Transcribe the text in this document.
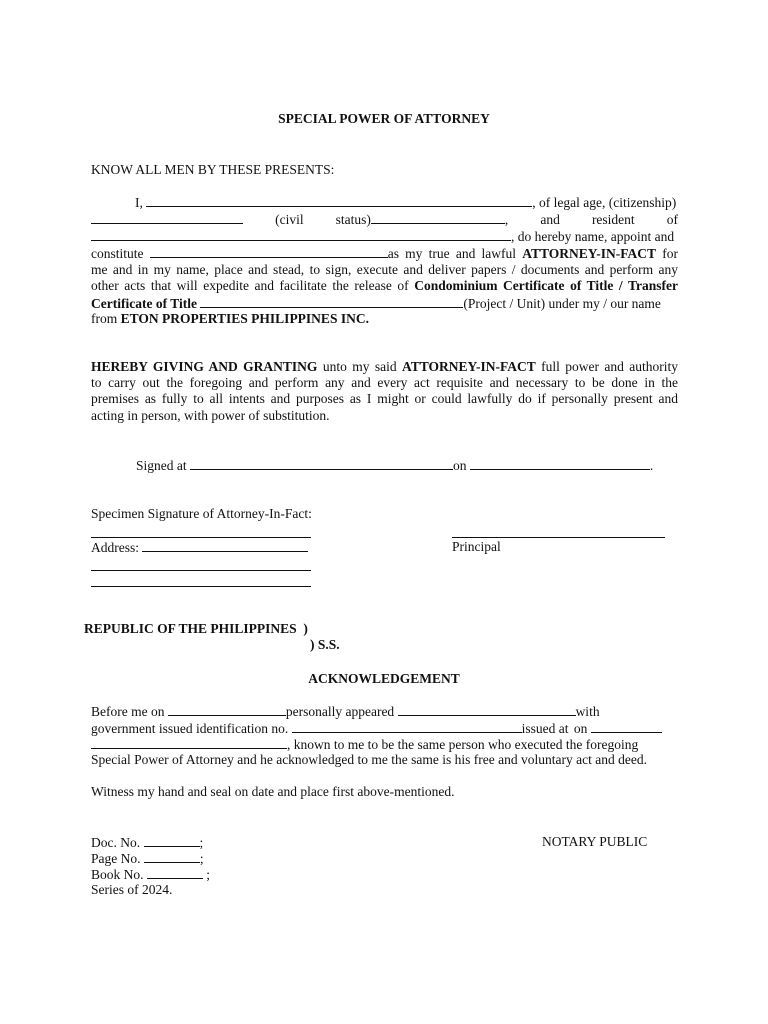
SPECIAL POWER OF ATTORNEY
KNOW ALL MEN BY THESE PRESENTS:
I,	, of legal age, (citizenship)
(civil status)	, and resident of
, do hereby name, appoint and
constitute	as my true and lawful ATTORNEY-IN-FACT for
me and in my name, place and stead, to sign, execute and deliver papers / documents and perform any
other acts that will expedite and facilitate the release of Condominium Certificate of Title / Transfer
Certificate of Title	(Project / Unit) under my / our name
from ETON PROPERTIES PHILIPPINES INC.
HEREBY GIVING AND GRANTING unto my said ATTORNEY-IN-FACT full power and authority
to carry out the foregoing and perform any and every act requisite and necessary to be done in the
premises as fully to all intents and purposes as I might or could lawfully do if personally present and
acting in person, with power of substitution.
Signed at	on	.
Specimen Signature of Attorney-In-Fact:
Address:	Principal
REPUBLIC OF THE PHILIPPINES )
) S.S.
ACKNOWLEDGEMENT
Before me on	personally appeared	with
government issued identification no.	issued at on
, known to me to be the same person who executed the foregoing
Special Power of Attorney and he acknowledged to me the same is his free and voluntary act and deed.
Witness my hand and seal on date and place first above-mentioned.
Doc. No.	;
Page No.	;
Book No.	;
Series of 2024.
NOTARY PUBLIC
